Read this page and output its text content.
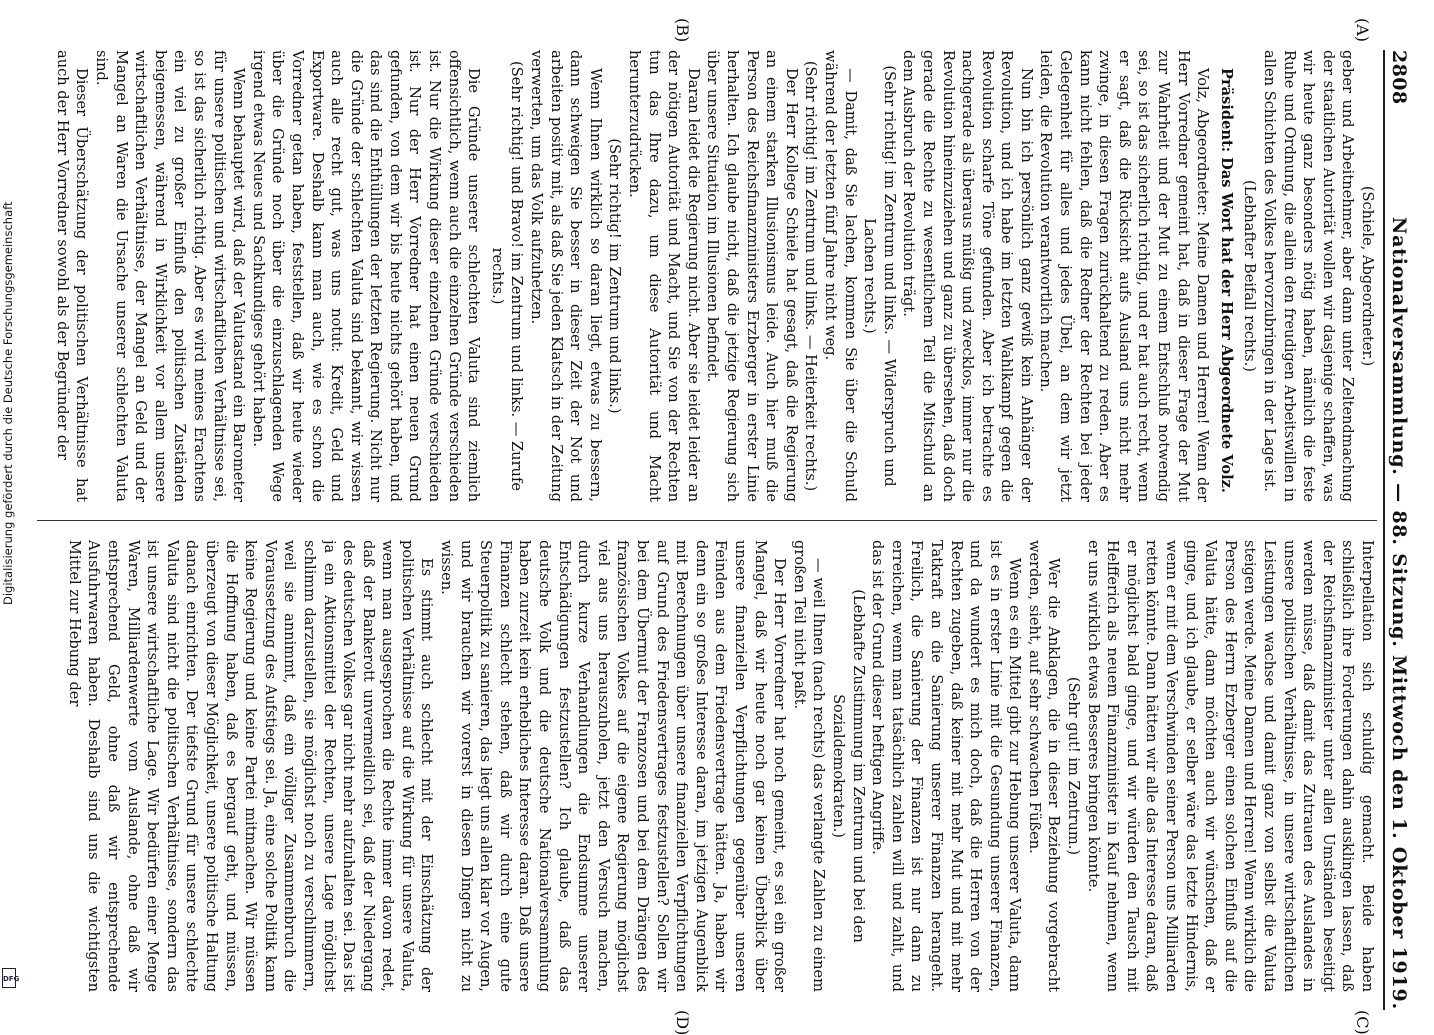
2808
Nationalversammlung. — 88. Sitzung. Mittwoch den 1. Oktober 1919.
(A)
(B)
(C)
(D)

(Schiele, Abgeordneter.)

geber und Arbeitnehmer, aber dann unter Zeltendmachung der staatlichen Autorität wollen wir dasjenige schaffen, was wir heute ganz besonders nötig haben, nämlich die feste Ruhe und Ordnung, die allein den freudigen Arbeitswillen in allen Schichten des Volkes hervorzubringen in der Lage ist.

(Lebhafter Beifall rechts.)

Präsident: Das Wort hat der Herr Abgeordnete Volz.

Volz, Abgeordneter: Meine Damen und Herren! Wenn der Herr Vorredner gemeint hat, daß in dieser Frage der Mut zur Wahrheit und der Mut zu einem Entschluß notwendig sei, so ist das sicherlich richtig, und er hat auch recht, wenn er sagt, daß die Rücksicht aufs Ausland uns nicht mehr zwinge, in diesen Fragen zurückhaltend zu reden. Aber es kann nicht fehlen, daß die Redner der Rechten bei jeder Gelegenheit für alles und jedes Übel, an dem wir jetzt leiden, die Revolution verantwortlich machen.

Nun bin ich persönlich ganz gewiß kein Anhänger der Revolution, und ich habe im letzten Wahlkampf gegen die Revolution scharfe Töne gefunden. Aber ich betrachte es nachgerade als überaus müßig und zwecklos, immer nur die Revolution hineinzuziehen und ganz zu übersehen, daß doch gerade die Rechte zu wesentlichem Teil die Mitschuld an dem Ausbruch der Revolution trägt.

(Sehr richtig! im Zentrum und links. — Widerspruch und Lachen rechts.)

— Damit, daß Sie lachen, kommen Sie über die Schuld während der letzten fünf Jahre nicht weg.

(Sehr richtig! im Zentrum und links. — Heiterkeit rechts.)

Der Herr Kollege Schiele hat gesagt, daß die Regierung an einem starken Illusionismus leide. Auch hier muß die Person des Reichsfinanzministers Erzberger in erster Linie herhalten. Ich glaube nicht, daß die jetzige Regierung sich über unsere Situation im Illusionen befindet.

Daran leidet die Regierung nicht. Aber sie leidet leider an der nötigen Autorität und Macht, und Sie von der Rechten tun das Ihre dazu, um diese Autorität und Macht herunterzudrücken.

(Sehr richtig! im Zentrum und links.)

Wenn Ihnen wirklich so daran liegt, etwas zu bessern, dann schweigen Sie besser in dieser Zeit der Not und arbeiten positiv mit, als daß Sie jeden Klatsch in der Zeitung verwerten, um das Volk aufzuhetzen.

(Sehr richtig! und Bravo! im Zentrum und links. — Zurufe rechts.)

Die Gründe unserer schlechten Valuta sind ziemlich offensichtlich, wenn auch die einzelnen Gründe verschieden ist. Nur die Wirkung dieser einzelnen Gründe verschieden ist. Nur der Herr Vorredner hat einen neuen Grund gefunden, von dem wir bis heute nichts gehört haben, und das sind die Enthüllungen der letzten Regierung. Nicht nur die Gründe der schlechten Valuta sind bekannt, wir wissen auch alle recht gut, was uns notut: Kredit, Geld und Exportware. Deshalb kann man auch, wie es schon die Vorredner getan haben, feststellen, daß wir heute wieder über die Gründe noch über die einzuschlagenden Wege irgend etwas Neues und Sachkundiges gehört haben.

Wenn behauptet wird, daß der Valutastand ein Barometer für unsere politischen und wirtschaftlichen Verhältnisse sei, so ist das sicherlich richtig. Aber es wird meines Erachtens ein viel zu großer Einfluß den politischen Zuständen beigemessen, während in Wirklichkeit vor allem unsere wirtschaftlichen Verhältnisse, der Mangel an Geld und der Mangel an Waren die Ursache unserer schlechten Valuta sind.

Dieser Überschätzung der politischen Verhältnisse hat auch der Herr Vorredner sowohl als der Begründer der

Interpellation sich schuldig gemacht. Beide haben schließlich ihre Forderungen dahin ausklingen lassen, daß der Reichsfinanzminister unter allen Umständen beseitigt werden müsse, daß damit das Zutrauen des Auslandes in unsere politischen Verhältnisse, in unsere wirtschaftlichen Leistungen wachse und damit ganz von selbst die Valuta steigen werde. Meine Damen und Herren! Wenn wirklich die Person des Herrn Erzberger einen solchen Einfluß auf die Valuta hätte, dann möchten auch wir wünschen, daß er ginge, und ich glaube, er selber wäre das letzte Hindernis, wenn er mit dem Verschwinden seiner Person uns Milliarden retten könnte. Dann hätten wir alle das Interesse daran, daß er möglichst bald ginge, und wir würden den Tausch mit Helfferich als neuem Finanzminister in Kauf nehmen, wenn er uns wirklich etwas Besseres bringen könnte.

(Sehr gut! im Zentrum.)

Wer die Anklagen, die in dieser Beziehung vorgebracht werden, sieht, auf sehr schwachen Füßen.

Wenn es ein Mittel gibt zur Hebung unserer Valuta, dann ist es in erster Linie mit die Gesundung unserer Finanzen, und da wundert es mich doch, daß die Herren von der Rechten zugeben, daß keiner mit mehr Mut und mit mehr Tatkraft an die Sanierung unserer Finanzen herangeht. Freilich, die Sanierung der Finanzen ist nur dann zu erreichen, wenn man tatsächlich zahlen will und zahlt, und das ist der Grund dieser heftigen Angriffe.

(Lebhafte Zustimmung im Zentrum und bei den Sozialdemokraten.)

— weil Ihnen (nach rechts) das verlangte Zahlen zu einem großen Teil nicht paßt.

Der Herr Vorredner hat noch gemeint, es sei ein großer Mangel, daß wir heute noch gar keinen Überblick über unsere finanziellen Verpflichtungen gegenüber unseren Feinden aus dem Friedensvertrage hätten. Ja, haben wir denn ein so großes Interesse daran, im jetzigen Augenblick mit Berechnungen über unsere finanziellen Verpflichtungen auf Grund des Friedensvertrages festzustellen? Sollen wir bei dem Übermut der Franzosen und bei dem Drängen des französischen Volkes auf die eigene Regierung möglichst viel aus uns herauszuholen, jetzt den Versuch machen, durch kurze Verhandlungen die Endsumme unserer Entschädigungen festzustellen? Ich glaube, daß das deutsche Volk und die deutsche Nationalversammlung haben zurzeit kein erhebliches Interesse daran. Daß unsere Finanzen schlecht stehen, daß wir durch eine gute Steuerpolitik zu sanieren, das liegt uns allen klar vor Augen, und wir brauchen wir vorerst in diesen Dingen nicht zu wissen.

Es stimmt auch schlecht mit der Einschätzung der politischen Verhältnisse auf die Wirkung für unsere Valuta, wenn man ausgesprochen die Rechte immer davon redet, daß der Bankerott unvermeidlich sei, daß der Niedergang des deutschen Volkes gar nicht mehr aufzuhalten sei. Das ist ja ein Aktionsmittel der Rechten, unsere Lage möglichst schlimm darzustellen, sie möglichst noch zu verschlimmern, weil sie annimmt, daß ein völliger Zusammenbruch die Voraussetzung des Aufstiegs sei. Ja, eine solche Politik kann keine Regierung und keine Partei mitmachen. Wir müssen die Hoffnung haben, daß es bergauf geht, und müssen, überzeugt von dieser Möglichkeit, unsere politische Haltung danach einrichten. Der tiefste Grund für unsere schlechte Valuta sind nicht die politischen Verhältnisse, sondern das ist unsere wirtschaftliche Lage. Wir bedürfen einer Menge Waren, Milliardenwerte vom Auslande, ohne daß wir entsprechend Geld, ohne daß wir entsprechende Ausfuhrwaren haben. Deshalb sind uns die wichtigsten Mittel zur Hebung der

Digitalisierung gefördert durch die Deutsche Forschungsgemeinschaft
DFG
